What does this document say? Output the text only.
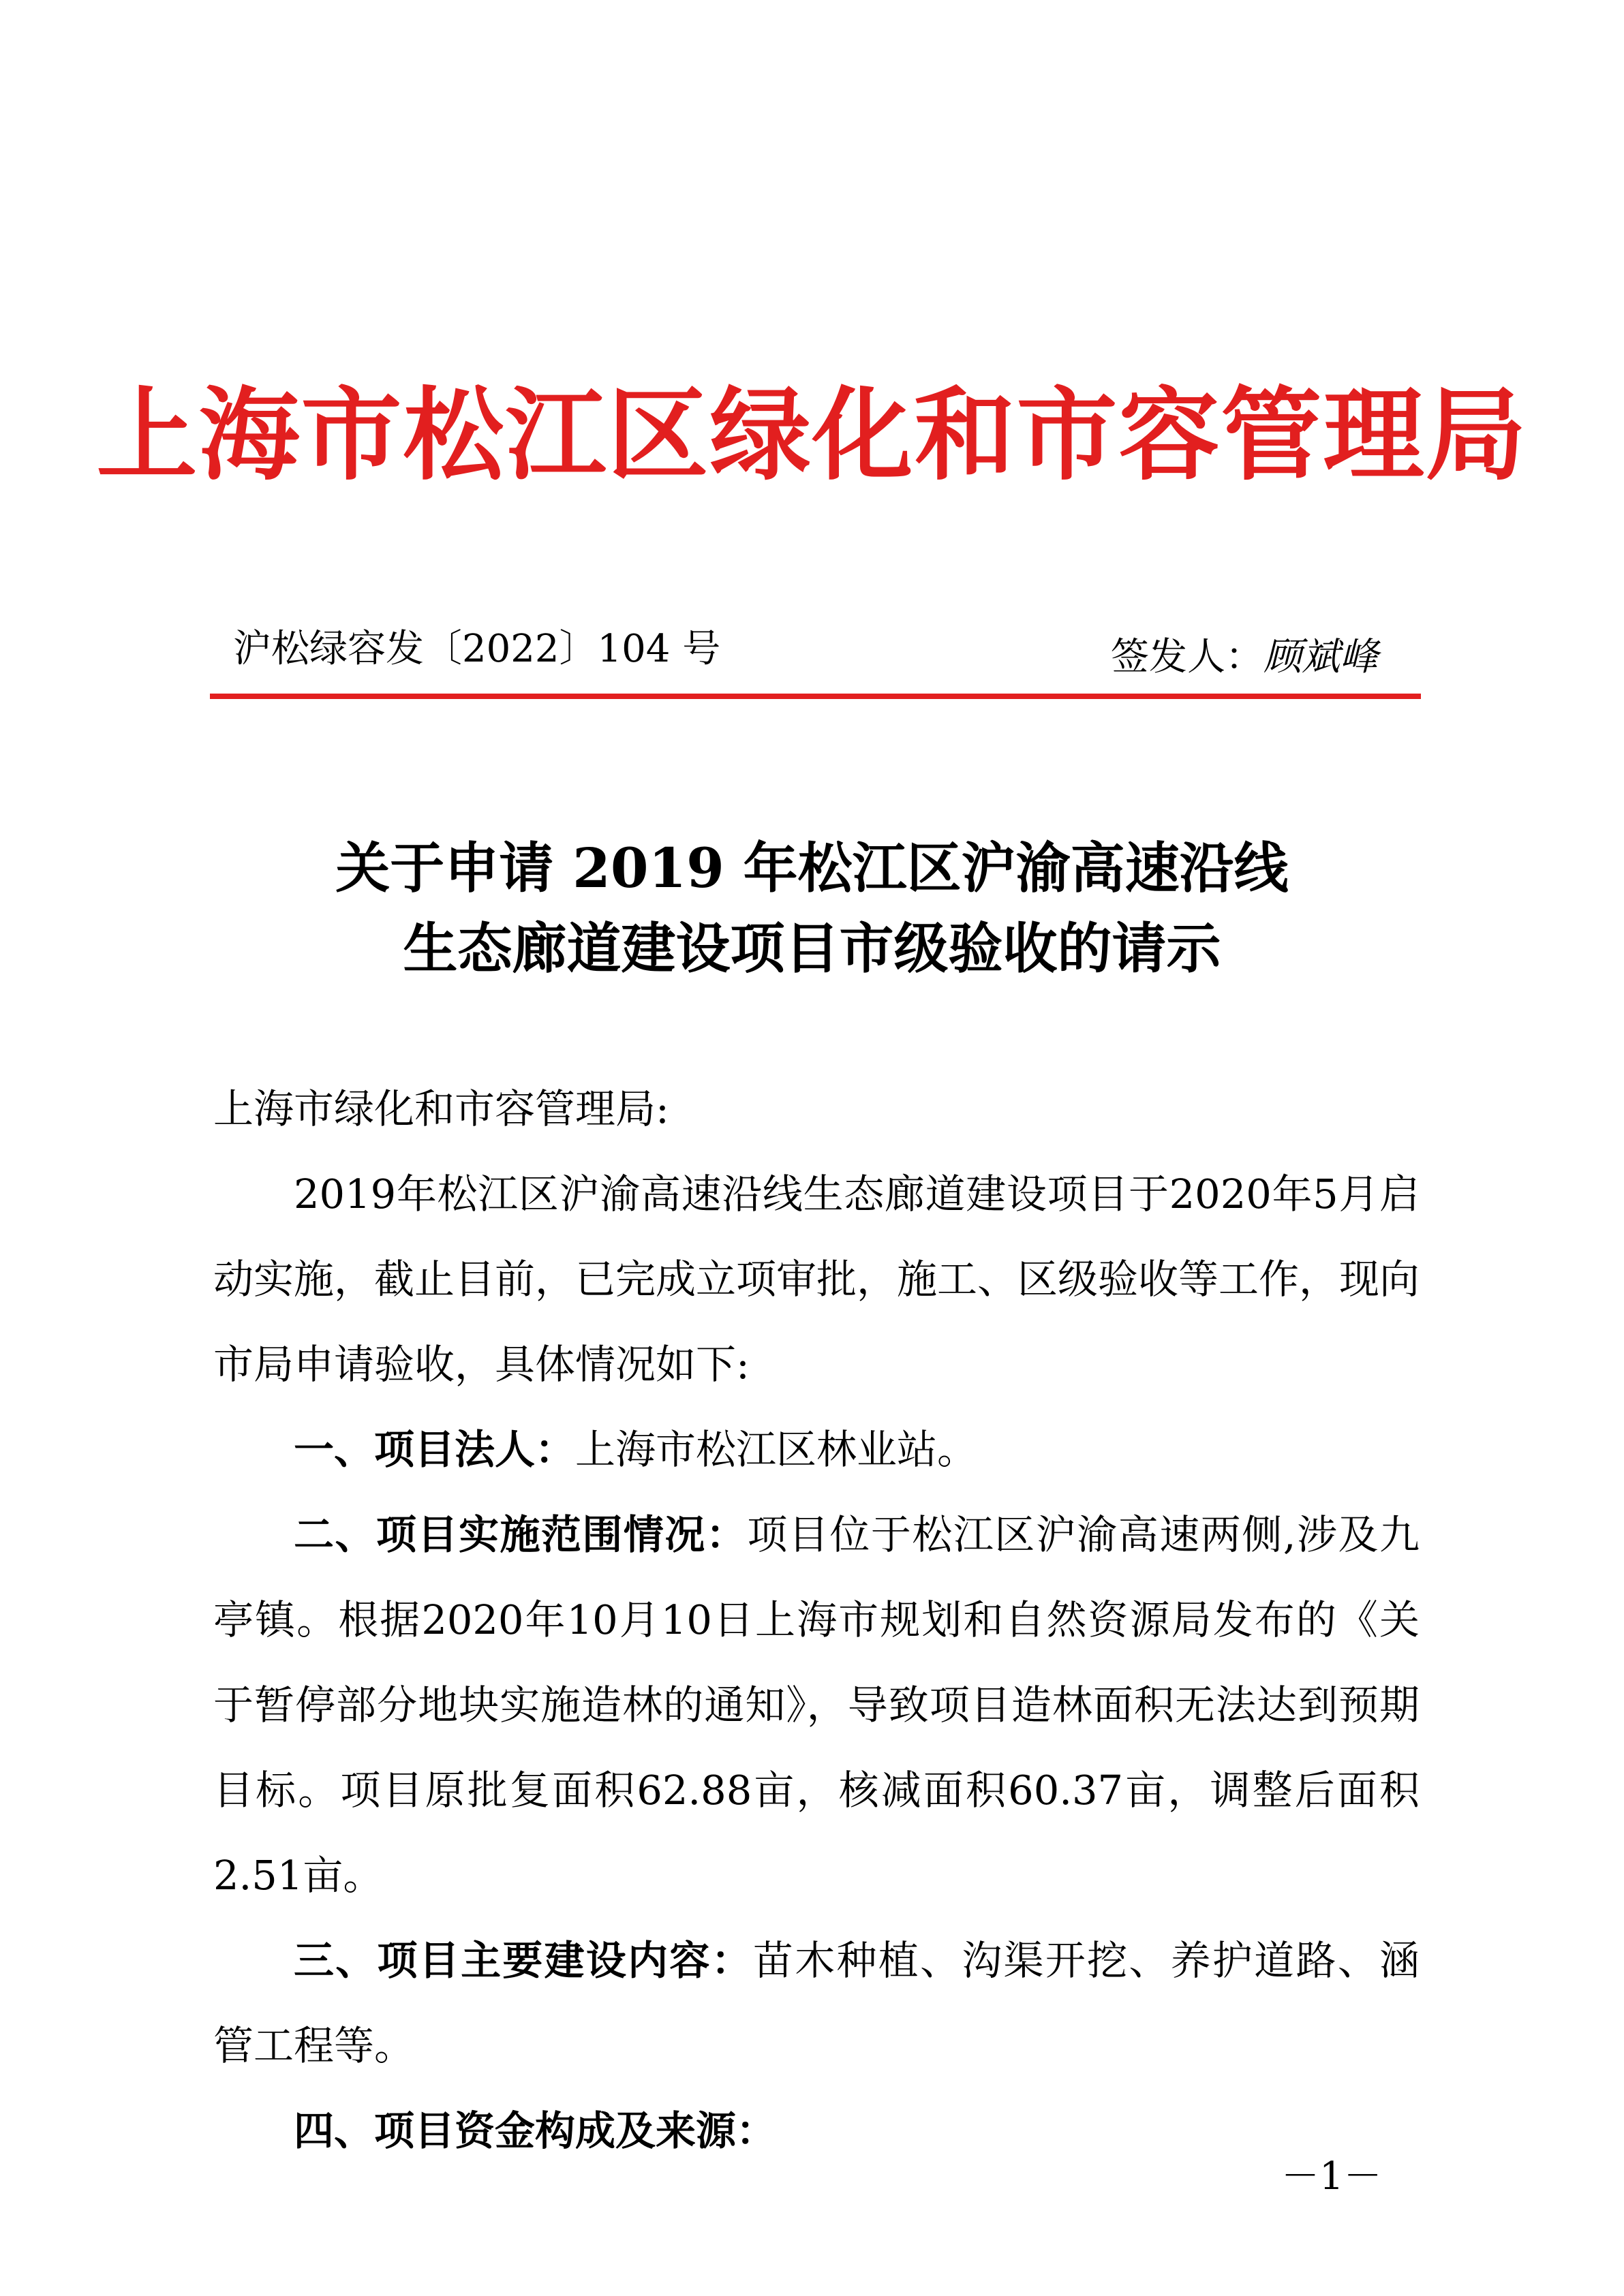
上海市松江区绿化和市容管理局
沪松绿容发〔2022〕104 号	签发人：顾斌峰
关于申请 2019 年松江区沪渝高速沿线
生态廊道建设项目市级验收的请示

上海市绿化和市容管理局:

2019年松江区沪渝高速沿线生态廊道建设项目于2020年5月启动实施，截止目前，已完成立项审批，施工、区级验收等工作，现向市局申请验收，具体情况如下:

一、项目法人：上海市松江区林业站。

二、项目实施范围情况：项目位于松江区沪渝高速两侧,涉及九亭镇。根据2020年10月10日上海市规划和自然资源局发布的《关于暂停部分地块实施造林的通知》，导致项目造林面积无法达到预期目标。项目原批复面积62.88亩，核减面积60.37亩，调整后面积2.51亩。

三、项目主要建设内容：苗木种植、沟渠开挖、养护道路、涵管工程等。

四、项目资金构成及来源：

－1－
